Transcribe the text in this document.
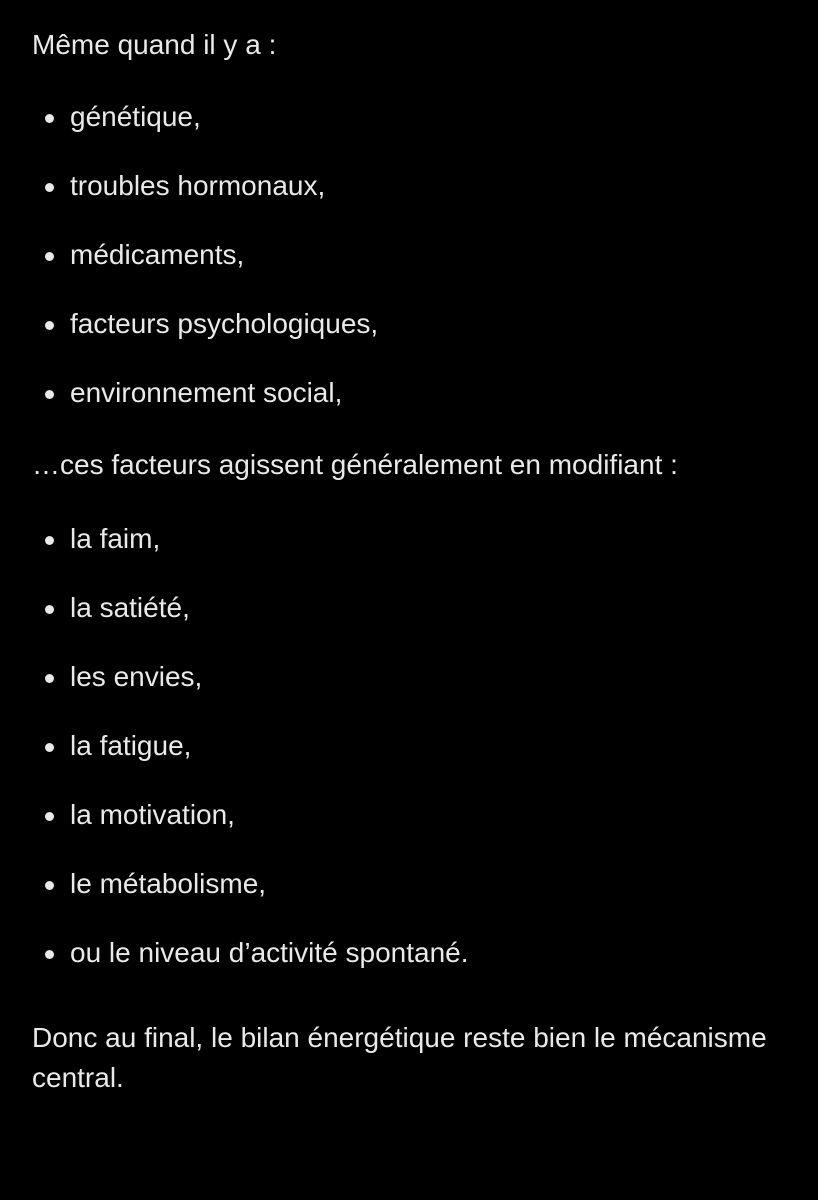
Même quand il y a :

génétique,
troubles hormonaux,
médicaments,
facteurs psychologiques,
environnement social,

…ces facteurs agissent généralement en modifiant :

la faim,
la satiété,
les envies,
la fatigue,
la motivation,
le métabolisme,
ou le niveau d’activité spontané.

Donc au final, le bilan énergétique reste bien le mécanisme central.
